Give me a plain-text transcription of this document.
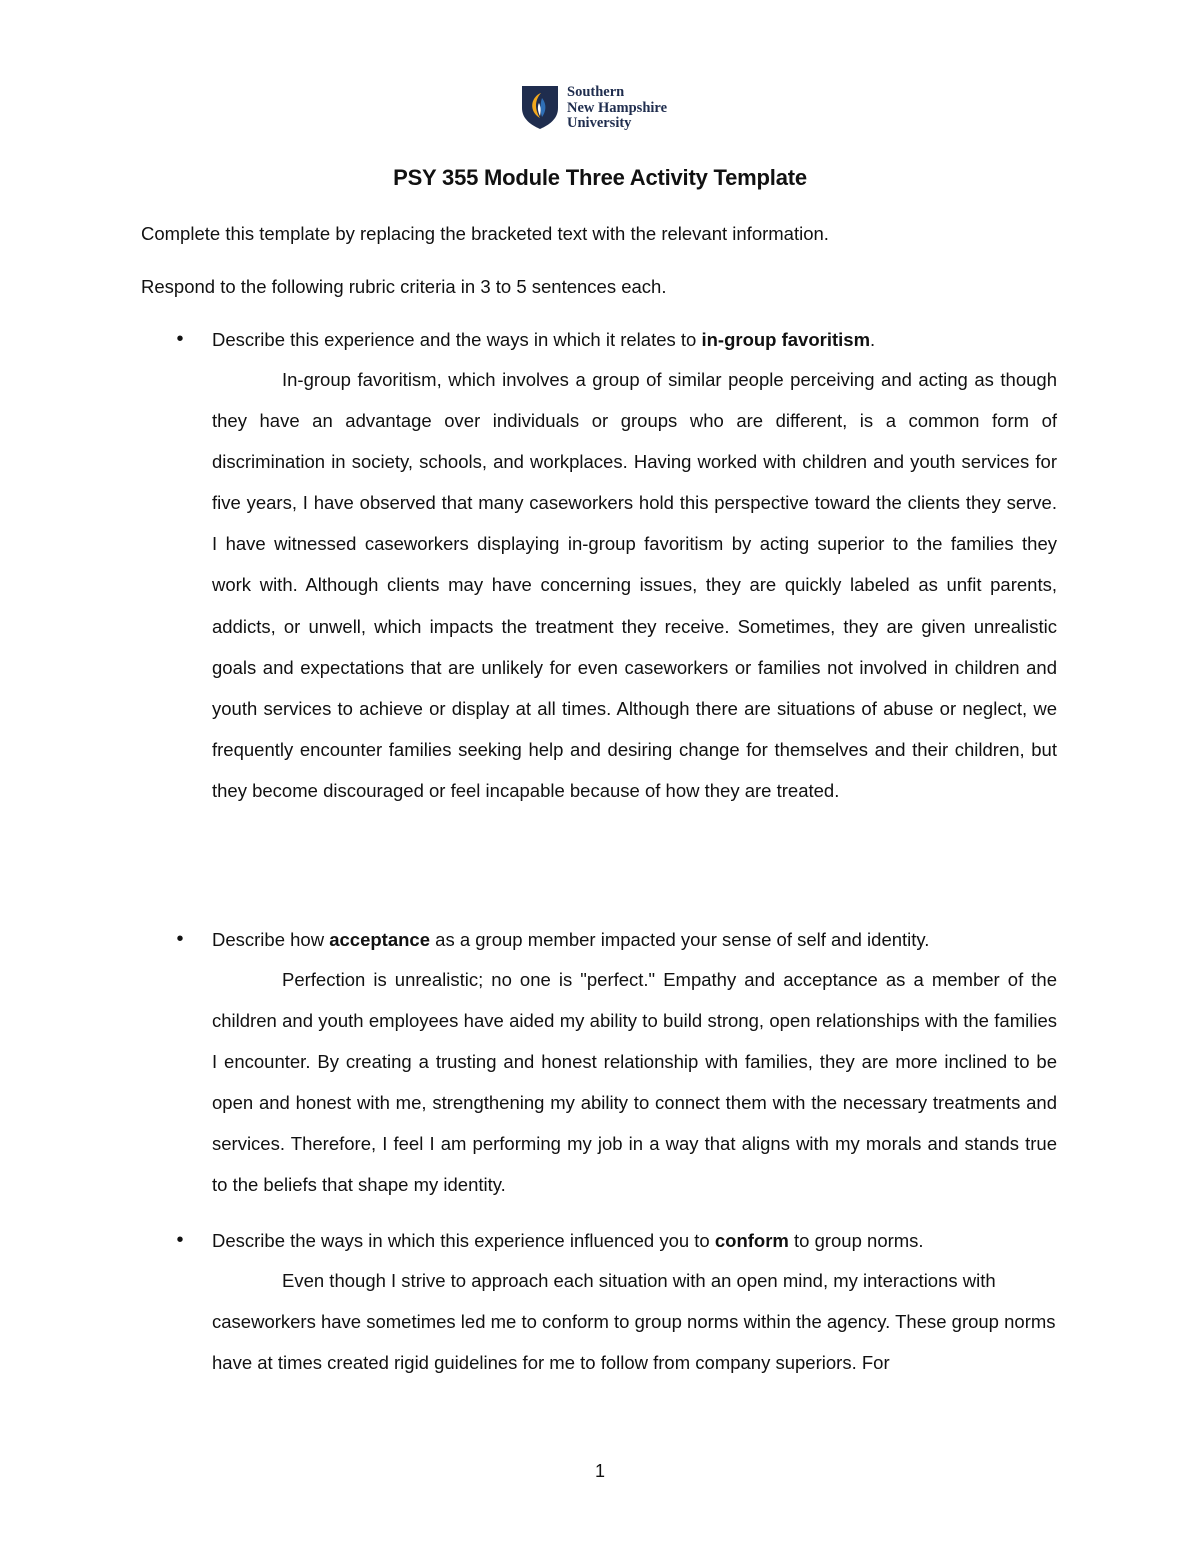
Southern
New Hampshire
University
PSY 355 Module Three Activity Template
Complete this template by replacing the bracketed text with the relevant information.
Respond to the following rubric criteria in 3 to 5 sentences each.
• Describe this experience and the ways in which it relates to in-group favoritism.
In-group favoritism, which involves a group of similar people perceiving and acting as though they have an advantage over individuals or groups who are different, is a common form of discrimination in society, schools, and workplaces. Having worked with children and youth services for five years, I have observed that many caseworkers hold this perspective toward the clients they serve. I have witnessed caseworkers displaying in-group favoritism by acting superior to the families they work with. Although clients may have concerning issues, they are quickly labeled as unfit parents, addicts, or unwell, which impacts the treatment they receive. Sometimes, they are given unrealistic goals and expectations that are unlikely for even caseworkers or families not involved in children and youth services to achieve or display at all times. Although there are situations of abuse or neglect, we frequently encounter families seeking help and desiring change for themselves and their children, but they become discouraged or feel incapable because of how they are treated.
• Describe how acceptance as a group member impacted your sense of self and identity.
Perfection is unrealistic; no one is "perfect." Empathy and acceptance as a member of the children and youth employees have aided my ability to build strong, open relationships with the families I encounter. By creating a trusting and honest relationship with families, they are more inclined to be open and honest with me, strengthening my ability to connect them with the necessary treatments and services. Therefore, I feel I am performing my job in a way that aligns with my morals and stands true to the beliefs that shape my identity.
• Describe the ways in which this experience influenced you to conform to group norms.
Even though I strive to approach each situation with an open mind, my interactions with caseworkers have sometimes led me to conform to group norms within the agency. These group norms have at times created rigid guidelines for me to follow from company superiors. For
1
